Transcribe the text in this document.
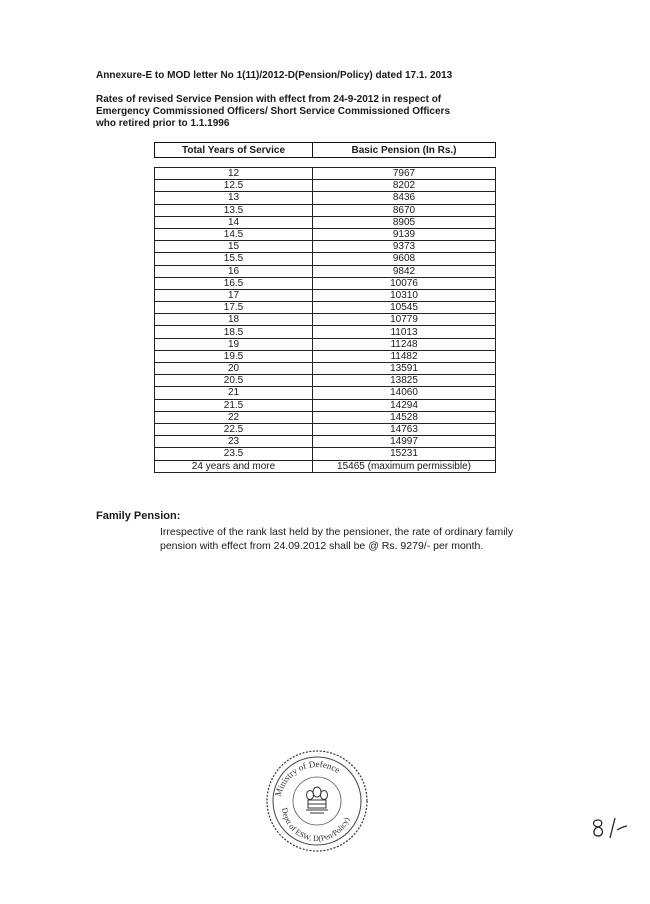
Annexure-E to MOD letter No 1(11)/2012-D(Pension/Policy) dated 17.1. 2013
Rates of revised Service Pension with effect from 24-9-2012 in respect of
Emergency Commissioned Officers/ Short Service Commissioned Officers
who retired prior to 1.1.1996
Total Years of Service	Basic Pension (In Rs.)
12	7967
12.5	8202
13	8436
13.5	8670
14	8905
14.5	9139
15	9373
15.5	9608
16	9842
16.5	10076
17	10310
17.5	10545
18	10779
18.5	11013
19	11248
19.5	11482
20	13591
20.5	13825
21	14060
21.5	14294
22	14528
22.5	14763
23	14997
23.5	15231
24 years and more	15465 (maximum permissible)
Family Pension:
Irrespective of the rank last held by the pensioner, the rate of ordinary family
pension with effect from 24.09.2012 shall be @ Rs. 9279/- per month.
Ministry of Defence
Deptt of ESW, D(Pen/Policy)
